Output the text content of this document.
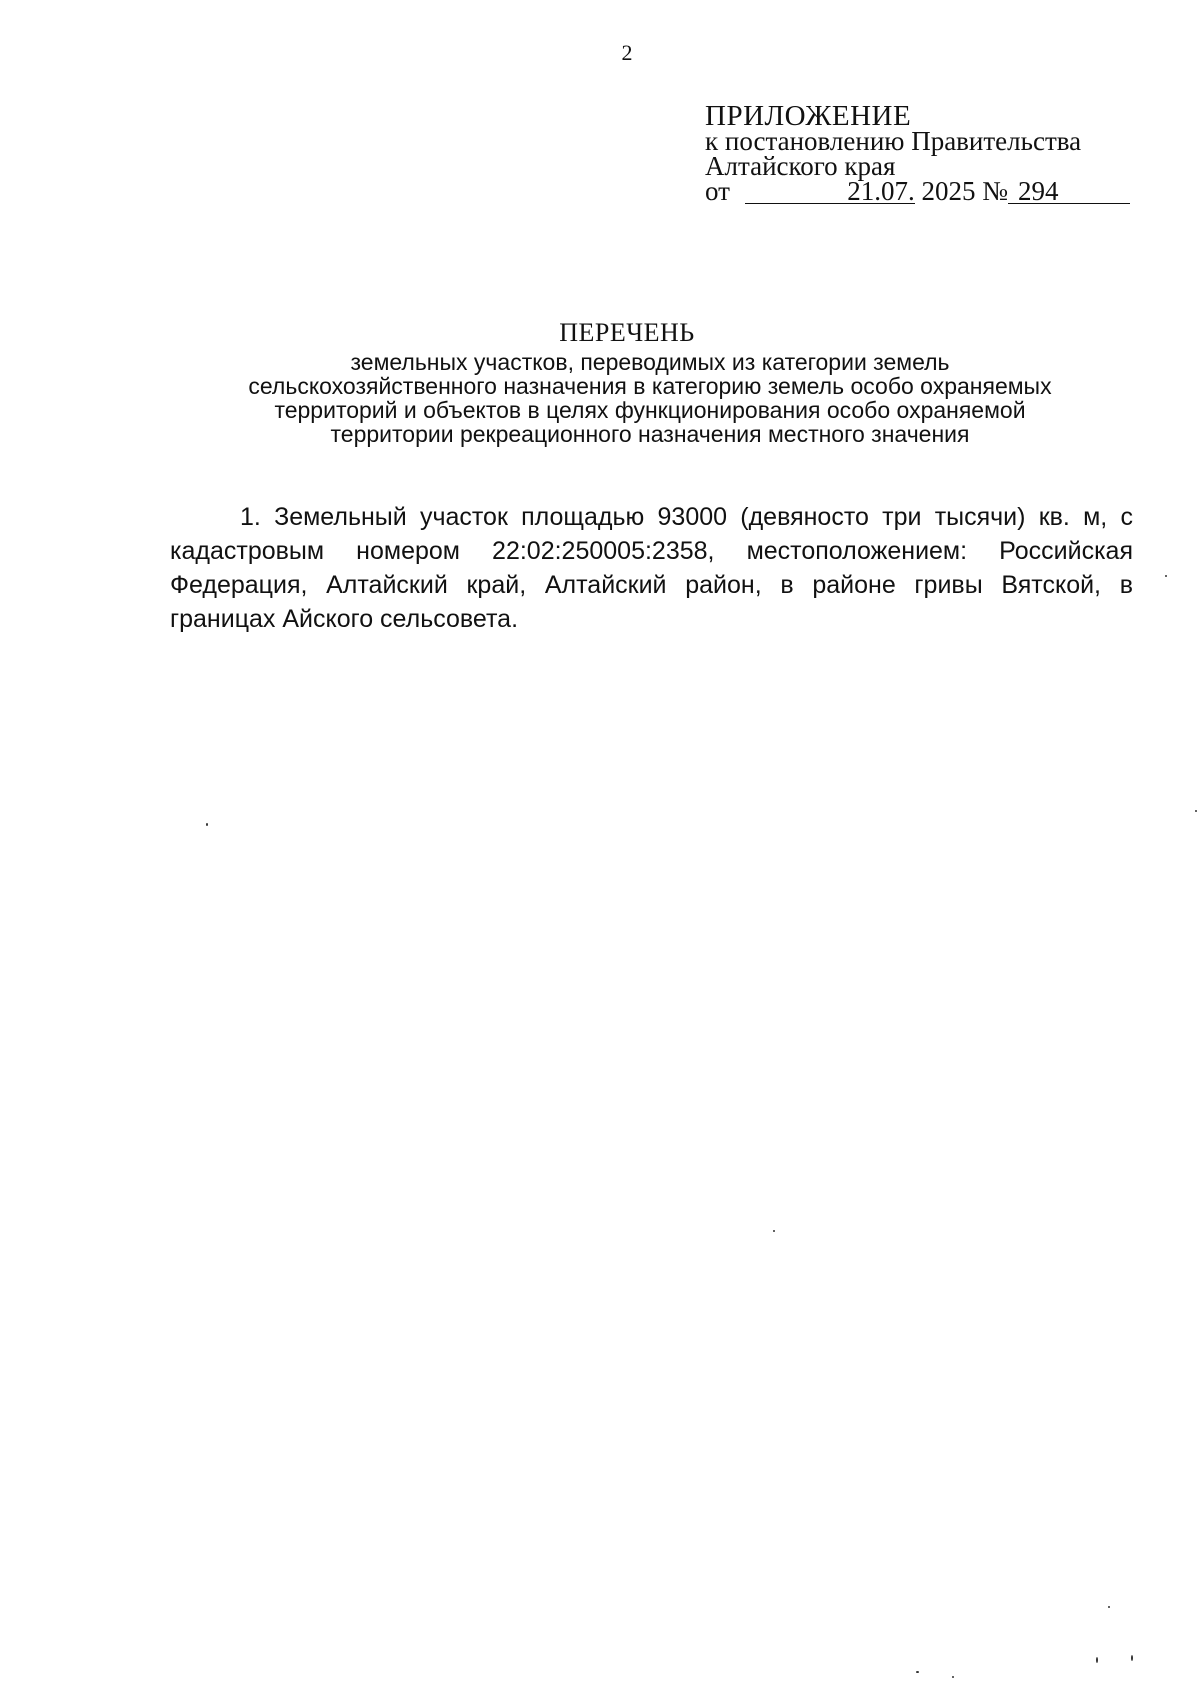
2
ПРИЛОЖЕНИЕ
к постановлению Правительства
Алтайского края
от	21.07. 2025 № 294
ПЕРЕЧЕНЬ
земельных участков, переводимых из категории земель
сельскохозяйственного назначения в категорию земель особо охраняемых
территорий и объектов в целях функционирования особо охраняемой
территории рекреационного назначения местного значения
1. Земельный участок площадью 93000 (девяносто три тысячи) кв. м, с кадастровым номером 22:02:250005:2358, местоположением: Российская Федерация, Алтайский край, Алтайский район, в районе гривы Вятской, в границах Айского сельсовета.
